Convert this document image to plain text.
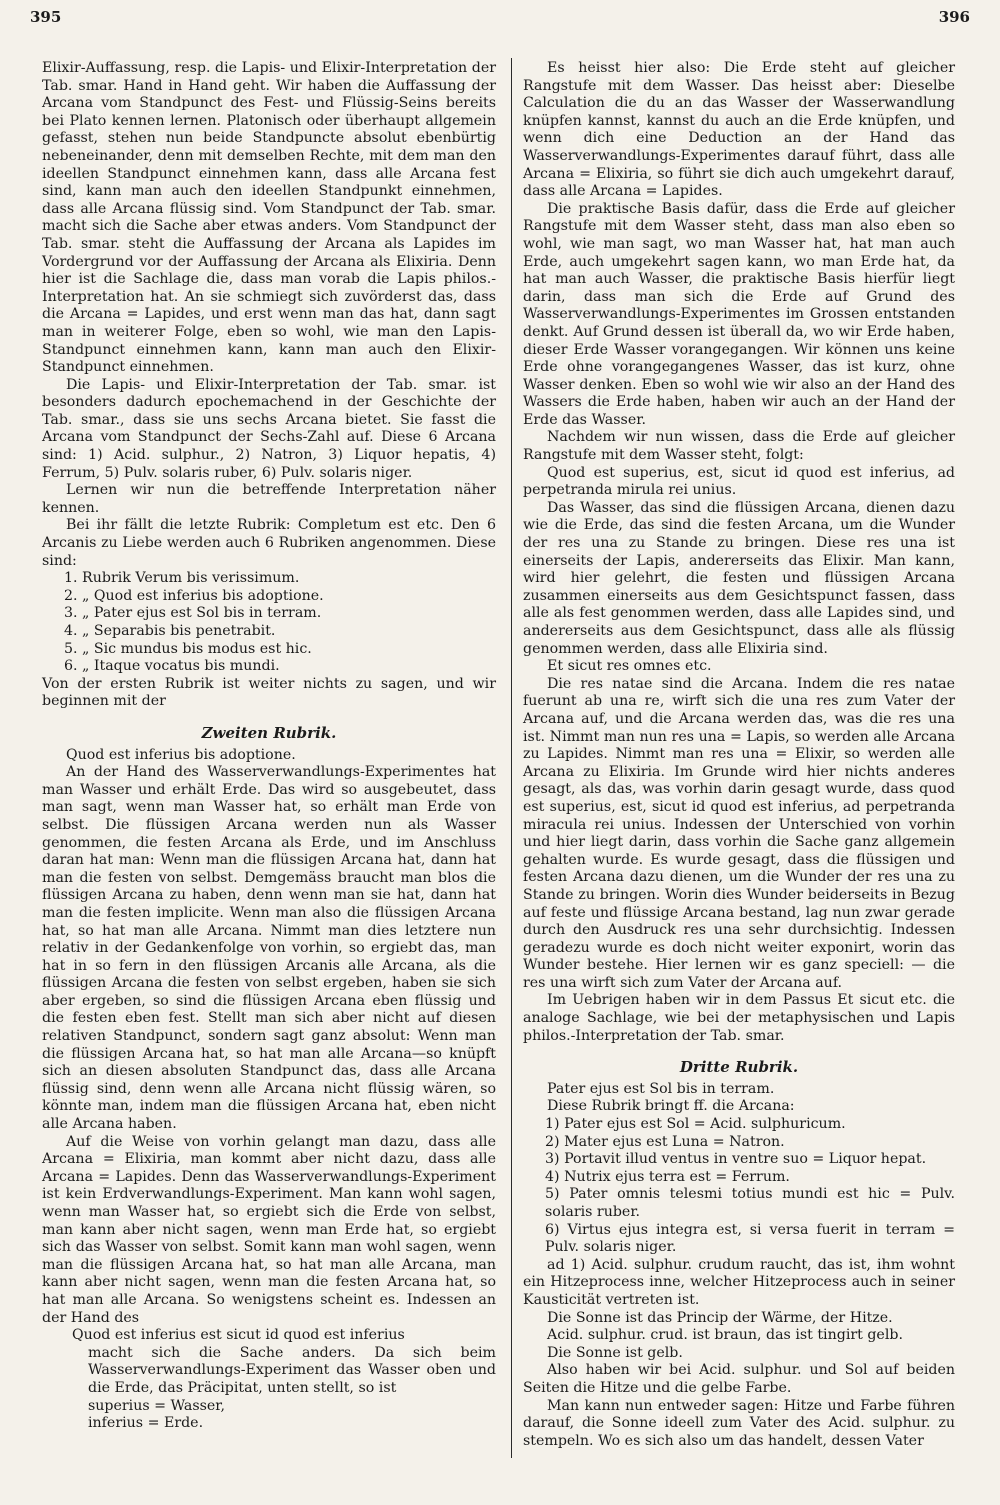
395	396

Elixir-Auffassung, resp. die Lapis- und Elixir-Interpretation der Tab. smar. Hand in Hand geht. Wir haben die Auffassung der Arcana vom Standpunct des Fest- und Flüssig-Seins bereits bei Plato kennen lernen. Platonisch oder überhaupt allgemein gefasst, stehen nun beide Standpuncte absolut ebenbürtig nebeneinander, denn mit demselben Rechte, mit dem man den ideellen Standpunct einnehmen kann, dass alle Arcana fest sind, kann man auch den ideellen Standpunkt einnehmen, dass alle Arcana flüssig sind. Vom Standpunct der Tab. smar. macht sich die Sache aber etwas anders. Vom Standpunct der Tab. smar. steht die Auffassung der Arcana als Lapides im Vordergrund vor der Auffassung der Arcana als Elixiria. Denn hier ist die Sachlage die, dass man vorab die Lapis philos.-Interpretation hat. An sie schmiegt sich zuvörderst das, dass die Arcana = Lapides, und erst wenn man das hat, dann sagt man in weiterer Folge, eben so wohl, wie man den Lapis-Standpunct einnehmen kann, kann man auch den Elixir-Standpunct einnehmen.

Die Lapis- und Elixir-Interpretation der Tab. smar. ist besonders dadurch epochemachend in der Geschichte der Tab. smar., dass sie uns sechs Arcana bietet. Sie fasst die Arcana vom Standpunct der Sechs-Zahl auf. Diese 6 Arcana sind: 1) Acid. sulphur., 2) Natron, 3) Liquor hepatis, 4) Ferrum, 5) Pulv. solaris ruber, 6) Pulv. solaris niger.

Lernen wir nun die betreffende Interpretation näher kennen.

Bei ihr fällt die letzte Rubrik: Completum est etc. Den 6 Arcanis zu Liebe werden auch 6 Rubriken angenommen. Diese sind:

1. Rubrik Verum bis verissimum.
2. „ Quod est inferius bis adoptione.
3. „ Pater ejus est Sol bis in terram.
4. „ Separabis bis penetrabit.
5. „ Sic mundus bis modus est hic.
6. „ Itaque vocatus bis mundi.

Von der ersten Rubrik ist weiter nichts zu sagen, und wir beginnen mit der

Zweiten Rubrik.

Quod est inferius bis adoptione.

An der Hand des Wasserverwandlungs-Experimentes hat man Wasser und erhält Erde. Das wird so ausgebeutet, dass man sagt, wenn man Wasser hat, so erhält man Erde von selbst. Die flüssigen Arcana werden nun als Wasser genommen, die festen Arcana als Erde, und im Anschluss daran hat man: Wenn man die flüssigen Arcana hat, dann hat man die festen von selbst. Demgemäss braucht man blos die flüssigen Arcana zu haben, denn wenn man sie hat, dann hat man die festen implicite. Wenn man also die flüssigen Arcana hat, so hat man alle Arcana. Nimmt man dies letztere nun relativ in der Gedankenfolge von vorhin, so ergiebt das, man hat in so fern in den flüssigen Arcanis alle Arcana, als die flüssigen Arcana die festen von selbst ergeben, haben sie sich aber ergeben, so sind die flüssigen Arcana eben flüssig und die festen eben fest. Stellt man sich aber nicht auf diesen relativen Standpunct, sondern sagt ganz absolut: Wenn man die flüssigen Arcana hat, so hat man alle Arcana—so knüpft sich an diesen absoluten Standpunct das, dass alle Arcana flüssig sind, denn wenn alle Arcana nicht flüssig wären, so könnte man, indem man die flüssigen Arcana hat, eben nicht alle Arcana haben.

Auf die Weise von vorhin gelangt man dazu, dass alle Arcana = Elixiria, man kommt aber nicht dazu, dass alle Arcana = Lapides. Denn das Wasserverwandlungs-Experiment ist kein Erdverwandlungs-Experiment. Man kann wohl sagen, wenn man Wasser hat, so ergiebt sich die Erde von selbst, man kann aber nicht sagen, wenn man Erde hat, so ergiebt sich das Wasser von selbst. Somit kann man wohl sagen, wenn man die flüssigen Arcana hat, so hat man alle Arcana, man kann aber nicht sagen, wenn man die festen Arcana hat, so hat man alle Arcana. So wenigstens scheint es. Indessen an der Hand des

Quod est inferius est sicut id quod est inferius

macht sich die Sache anders. Da sich beim Wasserverwandlungs-Experiment das Wasser oben und die Erde, das Präcipitat, unten stellt, so ist

superius = Wasser,

inferius = Erde.

Es heisst hier also: Die Erde steht auf gleicher Rangstufe mit dem Wasser. Das heisst aber: Dieselbe Calculation die du an das Wasser der Wasserwandlung knüpfen kannst, kannst du auch an die Erde knüpfen, und wenn dich eine Deduction an der Hand das Wasserverwandlungs-Experimentes darauf führt, dass alle Arcana = Elixiria, so führt sie dich auch umgekehrt darauf, dass alle Arcana = Lapides.

Die praktische Basis dafür, dass die Erde auf gleicher Rangstufe mit dem Wasser steht, dass man also eben so wohl, wie man sagt, wo man Wasser hat, hat man auch Erde, auch umgekehrt sagen kann, wo man Erde hat, da hat man auch Wasser, die praktische Basis hierfür liegt darin, dass man sich die Erde auf Grund des Wasserverwandlungs-Experimentes im Grossen entstanden denkt. Auf Grund dessen ist überall da, wo wir Erde haben, dieser Erde Wasser vorangegangen. Wir können uns keine Erde ohne vorangegangenes Wasser, das ist kurz, ohne Wasser denken. Eben so wohl wie wir also an der Hand des Wassers die Erde haben, haben wir auch an der Hand der Erde das Wasser.

Nachdem wir nun wissen, dass die Erde auf gleicher Rangstufe mit dem Wasser steht, folgt:

Quod est superius, est, sicut id quod est inferius, ad perpetranda mirula rei unius.

Das Wasser, das sind die flüssigen Arcana, dienen dazu wie die Erde, das sind die festen Arcana, um die Wunder der res una zu Stande zu bringen. Diese res una ist einerseits der Lapis, andererseits das Elixir. Man kann, wird hier gelehrt, die festen und flüssigen Arcana zusammen einerseits aus dem Gesichtspunct fassen, dass alle als fest genommen werden, dass alle Lapides sind, und andererseits aus dem Gesichtspunct, dass alle als flüssig genommen werden, dass alle Elixiria sind.

Et sicut res omnes etc.

Die res natae sind die Arcana. Indem die res natae fuerunt ab una re, wirft sich die una res zum Vater der Arcana auf, und die Arcana werden das, was die res una ist. Nimmt man nun res una = Lapis, so werden alle Arcana zu Lapides. Nimmt man res una = Elixir, so werden alle Arcana zu Elixiria. Im Grunde wird hier nichts anderes gesagt, als das, was vorhin darin gesagt wurde, dass quod est superius, est, sicut id quod est inferius, ad perpetranda miracula rei unius. Indessen der Unterschied von vorhin und hier liegt darin, dass vorhin die Sache ganz allgemein gehalten wurde. Es wurde gesagt, dass die flüssigen und festen Arcana dazu dienen, um die Wunder der res una zu Stande zu bringen. Worin dies Wunder beiderseits in Bezug auf feste und flüssige Arcana bestand, lag nun zwar gerade durch den Ausdruck res una sehr durchsichtig. Indessen geradezu wurde es doch nicht weiter exponirt, worin das Wunder bestehe. Hier lernen wir es ganz speciell: — die res una wirft sich zum Vater der Arcana auf.

Im Uebrigen haben wir in dem Passus Et sicut etc. die analoge Sachlage, wie bei der metaphysischen und Lapis philos.-Interpretation der Tab. smar.

Dritte Rubrik.

Pater ejus est Sol bis in terram.

Diese Rubrik bringt ff. die Arcana:

1) Pater ejus est Sol = Acid. sulphuricum.
2) Mater ejus est Luna = Natron.
3) Portavit illud ventus in ventre suo = Liquor hepat.
4) Nutrix ejus terra est = Ferrum.
5) Pater omnis telesmi totius mundi est hic = Pulv. solaris ruber.
6) Virtus ejus integra est, si versa fuerit in terram = Pulv. solaris niger.

ad 1) Acid. sulphur. crudum raucht, das ist, ihm wohnt ein Hitzeprocess inne, welcher Hitzeprocess auch in seiner Kausticität vertreten ist.

Die Sonne ist das Princip der Wärme, der Hitze.

Acid. sulphur. crud. ist braun, das ist tingirt gelb.

Die Sonne ist gelb.

Also haben wir bei Acid. sulphur. und Sol auf beiden Seiten die Hitze und die gelbe Farbe.

Man kann nun entweder sagen: Hitze und Farbe führen darauf, die Sonne ideell zum Vater des Acid. sulphur. zu stempeln. Wo es sich also um das handelt, dessen Vater
